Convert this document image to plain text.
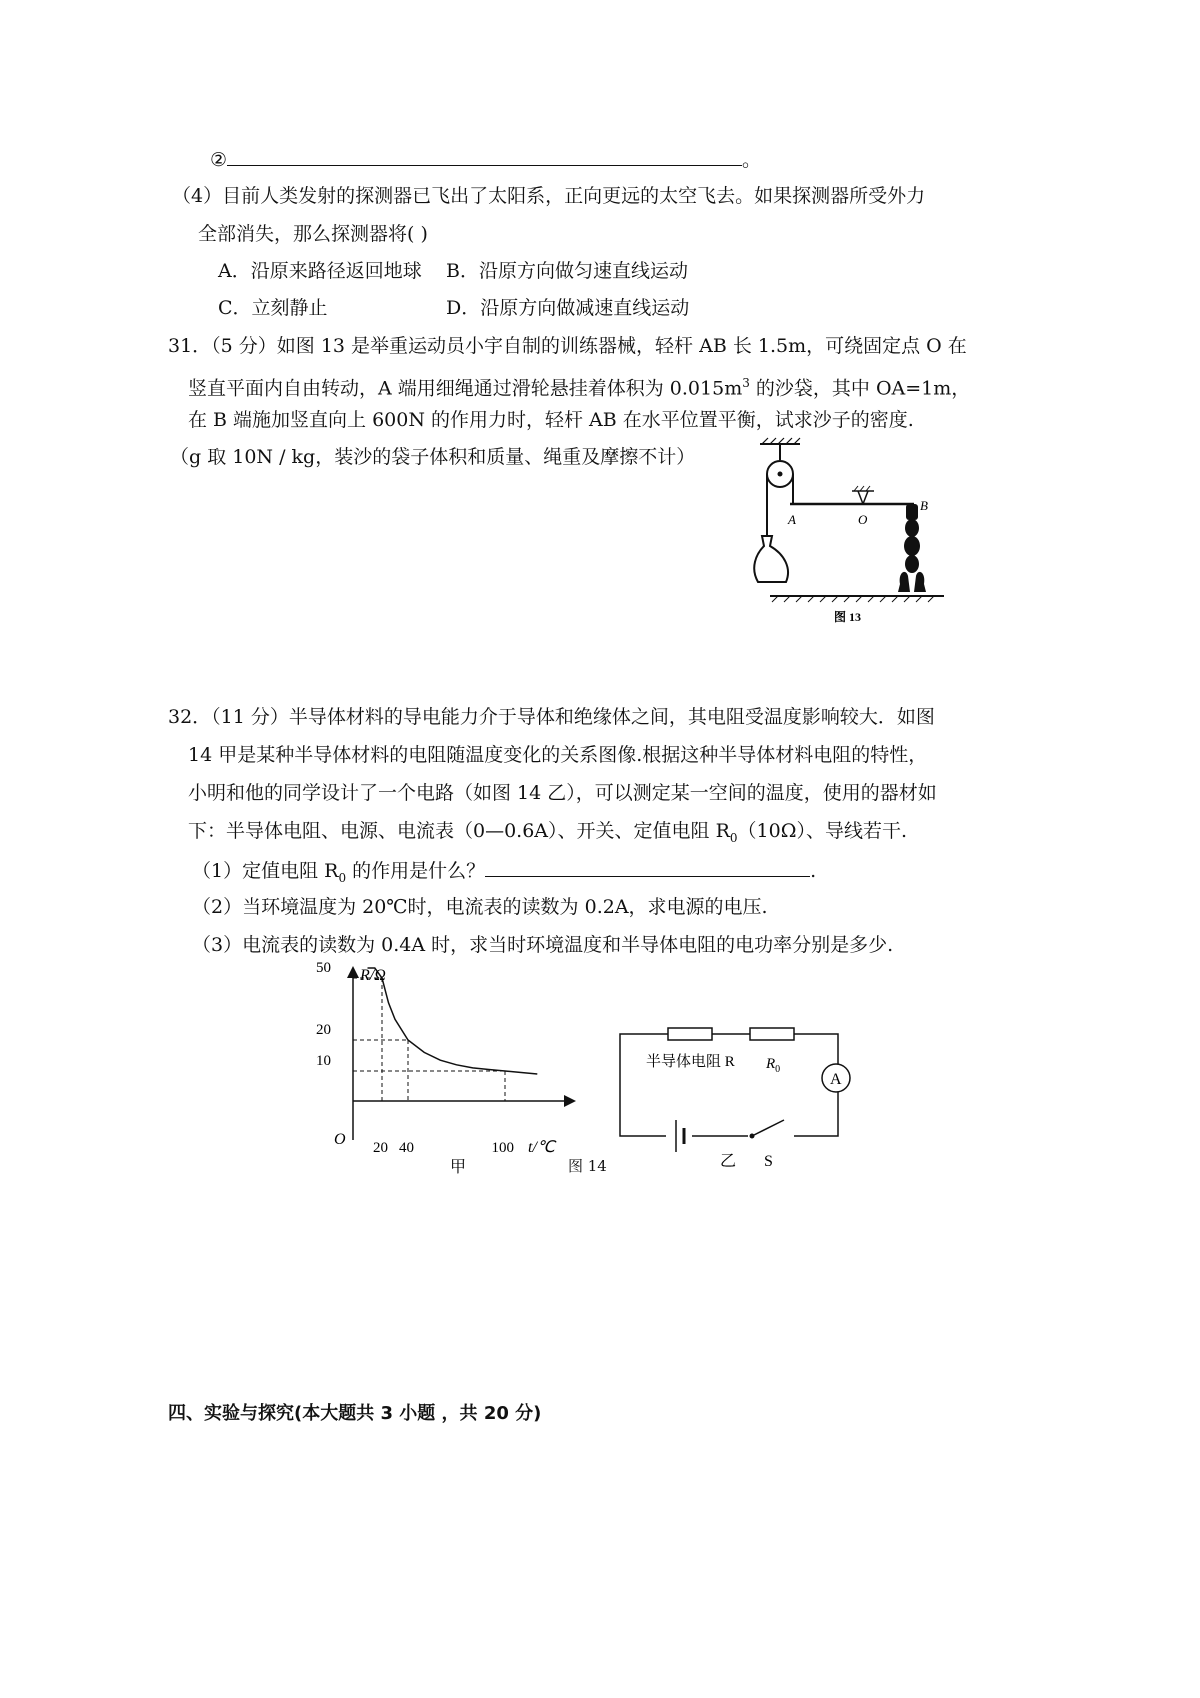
②	。
（4）目前人类发射的探测器已飞出了太阳系，正向更远的太空飞去。如果探测器所受外力
全部消失，那么探测器将( )
A．沿原来路径返回地球 B．沿原方向做匀速直线运动
C．立刻静止	D．沿原方向做减速直线运动
31．（5 分）如图 13 是举重运动员小宇自制的训练器械，轻杆 AB 长 1.5m，可绕固定点 O 在
竖直平面内自由转动，A 端用细绳通过滑轮悬挂着体积为 $0.015m^3$ 的沙袋，其中 OA=1m，
在 B 端施加竖直向上 600N 的作用力时，轻杆 AB 在水平位置平衡，试求沙子的密度.
（g 取 10N / kg，装沙的袋子体积和质量、绳重及摩擦不计）
A	O
B
图 13
32．（11 分）半导体材料的导电能力介于导体和绝缘体之间，其电阻受温度影响较大．如图
14 甲是某种半导体材料的电阻随温度变化的关系图像.根据这种半导体材料电阻的特性，
小明和他的同学设计了一个电路（如图 14 乙），可以测定某一空间的温度，使用的器材如
下：半导体电阻、电源、电流表（0—0.6A）、开关、定值电阻 $R_0(10\Omega)$、导线若干.
（1）定值电阻 $R_0$ 的作用是什么？	.
（2）当环境温度为 20℃时，电流表的读数为 0.2A，求电源的电压.
（3）电流表的读数为 0.4A 时，求当时环境温度和半导体电阻的电功率分别是多少.
R/Ω
O	t/℃
20 40	100
50
20
10
甲
A
半导体电阻 R $R_0$
乙 S
图 14
四、实验与探究(本大题共 3 小题 ，共 20 分)
